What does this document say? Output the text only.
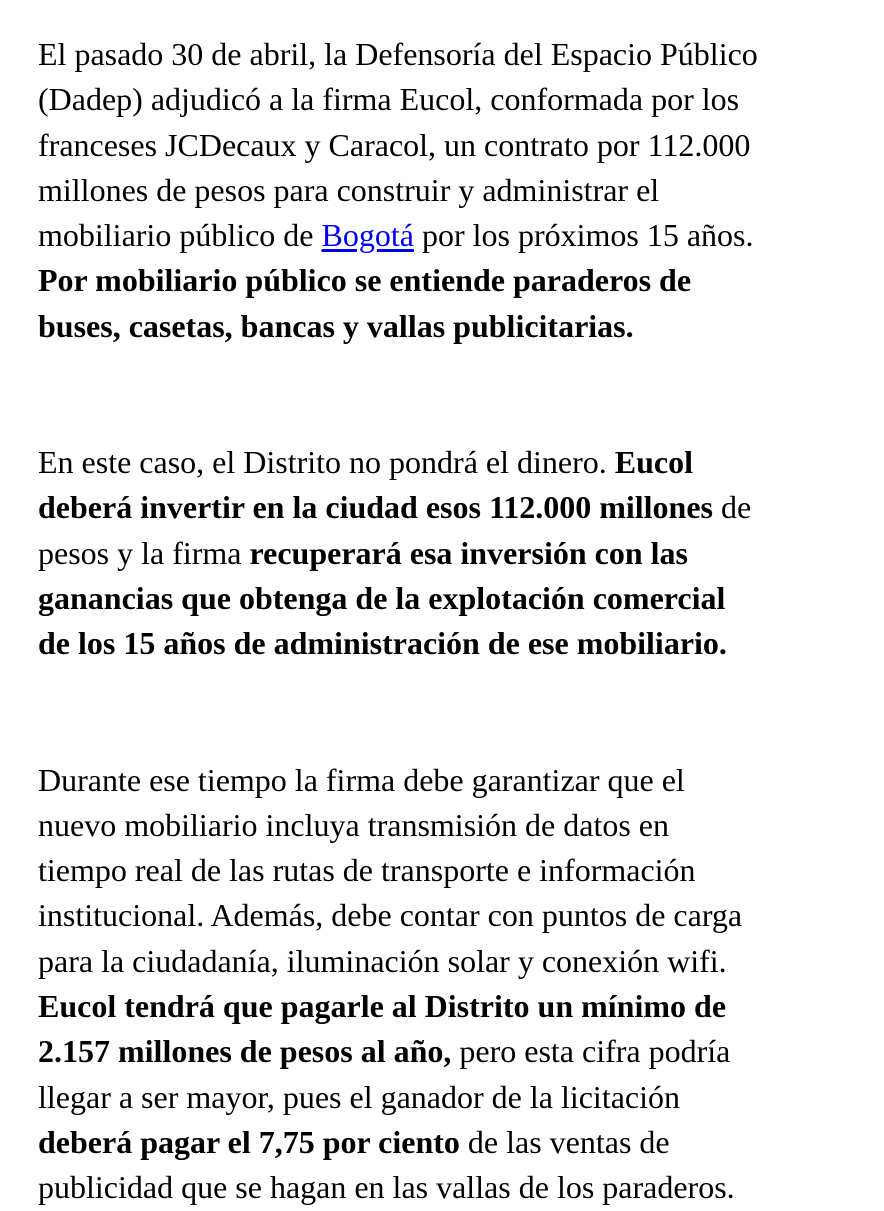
El pasado 30 de abril, la Defensoría del Espacio Público
(Dadep) adjudicó a la firma Eucol, conformada por los
franceses JCDecaux y Caracol, un contrato por 112.000
millones de pesos para construir y administrar el
mobiliario público de Bogotá por los próximos 15 años.
Por mobiliario público se entiende paraderos de
buses, casetas, bancas y vallas publicitarias.

En este caso, el Distrito no pondrá el dinero. Eucol
deberá invertir en la ciudad esos 112.000 millones de
pesos y la firma recuperará esa inversión con las
ganancias que obtenga de la explotación comercial
de los 15 años de administración de ese mobiliario.

Durante ese tiempo la firma debe garantizar que el
nuevo mobiliario incluya transmisión de datos en
tiempo real de las rutas de transporte e información
institucional. Además, debe contar con puntos de carga
para la ciudadanía, iluminación solar y conexión wifi.
Eucol tendrá que pagarle al Distrito un mínimo de
2.157 millones de pesos al año, pero esta cifra podría
llegar a ser mayor, pues el ganador de la licitación
deberá pagar el 7,75 por ciento de las ventas de
publicidad que se hagan en las vallas de los paraderos.
